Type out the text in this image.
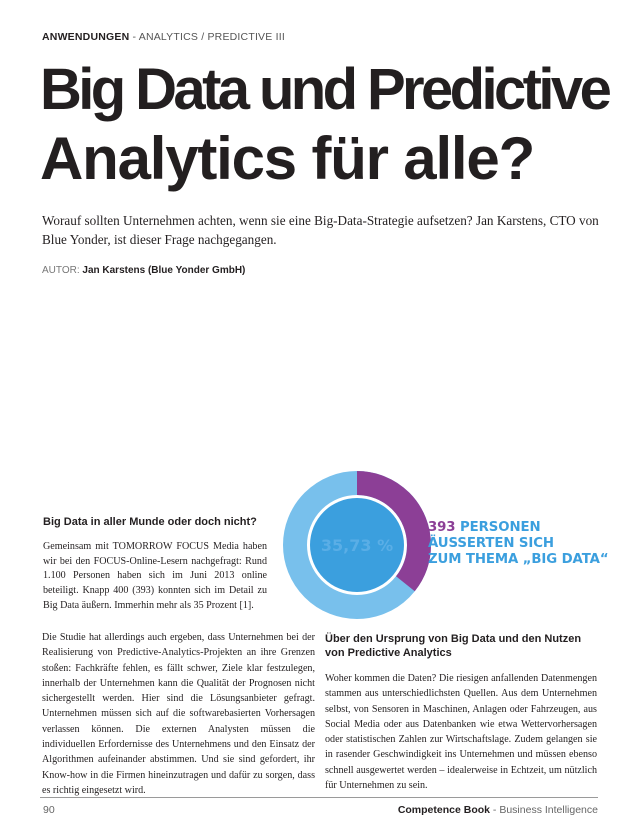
ANWENDUNGEN - ANALYTICS / PREDICTIVE III
Big Data und Predictive
Analytics für alle?
Worauf sollten Unternehmen achten, wenn sie eine Big-Data-Strategie aufsetzen? Jan Karstens, CTO von Blue Yonder, ist dieser Frage nachgegangen.
AUTOR: Jan Karstens (Blue Yonder GmbH)
35,73 %
393 PERSONEN
ÄUSSERTEN SICH
ZUM THEMA „BIG DATA“
Big Data in aller Munde oder doch nicht?
Gemeinsam mit TOMORROW FOCUS Media haben wir bei den FOCUS-Online-Lesern nachgefragt: Rund 1.100 Personen haben sich im Juni 2013 online beteiligt. Knapp 400 (393) konnten sich im Detail zu Big Data äußern. Immerhin mehr als 35 Prozent [1].
Die Studie hat allerdings auch ergeben, dass Unternehmen bei der Realisierung von Predictive-Analytics-Projekten an ihre Grenzen stoßen: Fachkräfte fehlen, es fällt schwer, Ziele klar festzulegen, innerhalb der Unternehmen kann die Qualität der Prognosen nicht sichergestellt werden. Hier sind die Lösungsanbieter gefragt. Unternehmen müssen sich auf die softwarebasierten Vorhersagen verlassen können. Die externen Analysten müssen die individuellen Erfordernisse des Unternehmens und den Einsatz der Algorithmen aufeinander abstimmen. Und sie sind gefordert, ihr Know-how in die Firmen hineinzutragen und dafür zu sorgen, dass es richtig eingesetzt wird.
Über den Ursprung von Big Data und den Nutzen von Predictive Analytics
Woher kommen die Daten? Die riesigen anfallenden Datenmengen stammen aus unterschiedlichsten Quellen. Aus dem Unternehmen selbst, von Sensoren in Maschinen, Anlagen oder Fahrzeugen, aus Social Media oder aus Datenbanken wie etwa Wettervorhersagen oder statistischen Zahlen zur Wirtschaftslage. Zudem gelangen sie in rasender Geschwindigkeit ins Unternehmen und müssen ebenso schnell ausgewertet werden – idealerweise in Echtzeit, um nützlich für Unternehmen zu sein.
90	Competence Book - Business Intelligence
